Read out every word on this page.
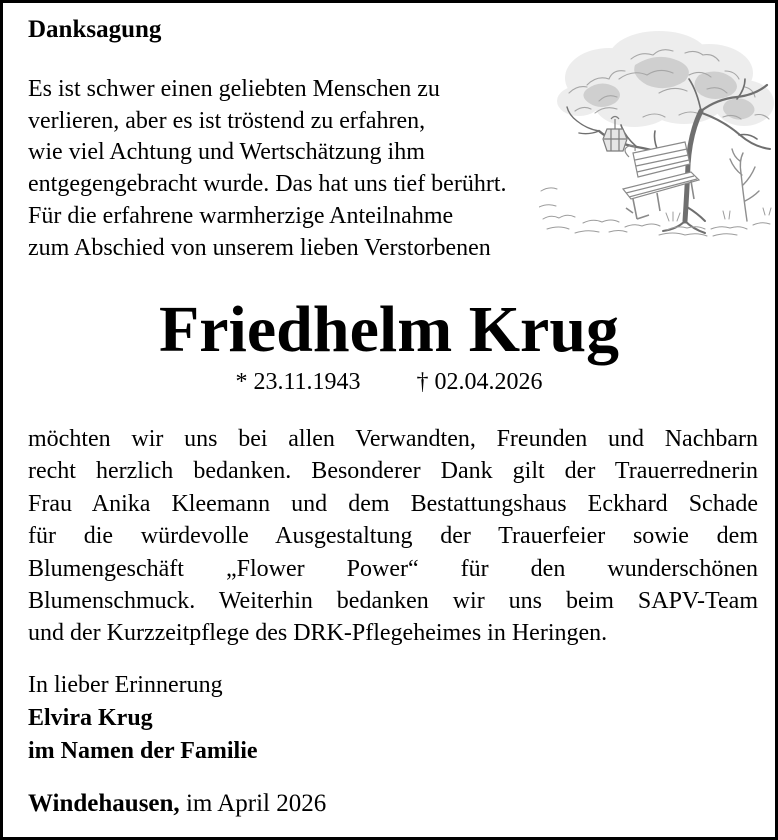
Danksagung
Es ist schwer einen geliebten Menschen zu
verlieren, aber es ist tröstend zu erfahren,
wie viel Achtung und Wertschätzung ihm
entgegengebracht wurde. Das hat uns tief berührt.
Für die erfahrene warmherzige Anteilnahme
zum Abschied von unserem lieben Verstorbenen
Friedhelm Krug
* 23.11.1943 † 02.04.2026
möchten wir uns bei allen Verwandten, Freunden und Nachbarn
recht herzlich bedanken. Besonderer Dank gilt der Trauerrednerin
Frau Anika Kleemann und dem Bestattungshaus Eckhard Schade
für die würdevolle Ausgestaltung der Trauerfeier sowie dem
Blumengeschäft „Flower Power“ für den wunderschönen
Blumenschmuck. Weiterhin bedanken wir uns beim SAPV-Team
und der Kurzzeitpflege des DRK-Pflegeheimes in Heringen.
In lieber Erinnerung
Elvira Krug
im Namen der Familie
Windehausen, im April 2026
